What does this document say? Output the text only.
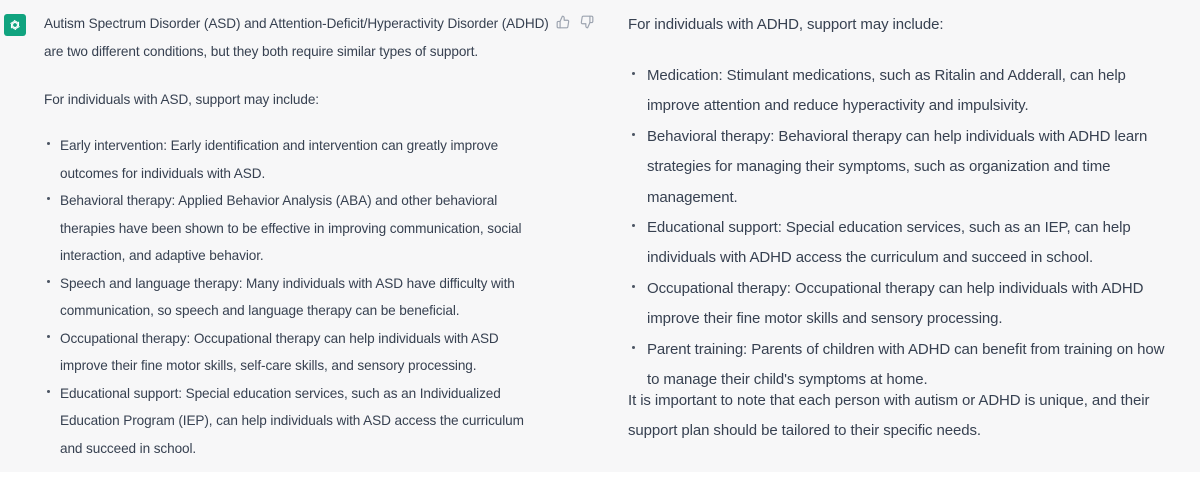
Autism Spectrum Disorder (ASD) and Attention-Deficit/Hyperactivity Disorder (ADHD) are two different conditions, but they both require similar types of support.
For individuals with ASD, support may include:
Early intervention: Early identification and intervention can greatly improve outcomes for individuals with ASD.
Behavioral therapy: Applied Behavior Analysis (ABA) and other behavioral therapies have been shown to be effective in improving communication, social interaction, and adaptive behavior.
Speech and language therapy: Many individuals with ASD have difficulty with communication, so speech and language therapy can be beneficial.
Occupational therapy: Occupational therapy can help individuals with ASD improve their fine motor skills, self-care skills, and sensory processing.
Educational support: Special education services, such as an Individualized Education Program (IEP), can help individuals with ASD access the curriculum and succeed in school.
For individuals with ADHD, support may include:
Medication: Stimulant medications, such as Ritalin and Adderall, can help improve attention and reduce hyperactivity and impulsivity.
Behavioral therapy: Behavioral therapy can help individuals with ADHD learn strategies for managing their symptoms, such as organization and time management.
Educational support: Special education services, such as an IEP, can help individuals with ADHD access the curriculum and succeed in school.
Occupational therapy: Occupational therapy can help individuals with ADHD improve their fine motor skills and sensory processing.
Parent training: Parents of children with ADHD can benefit from training on how to manage their child's symptoms at home.
It is important to note that each person with autism or ADHD is unique, and their support plan should be tailored to their specific needs.
